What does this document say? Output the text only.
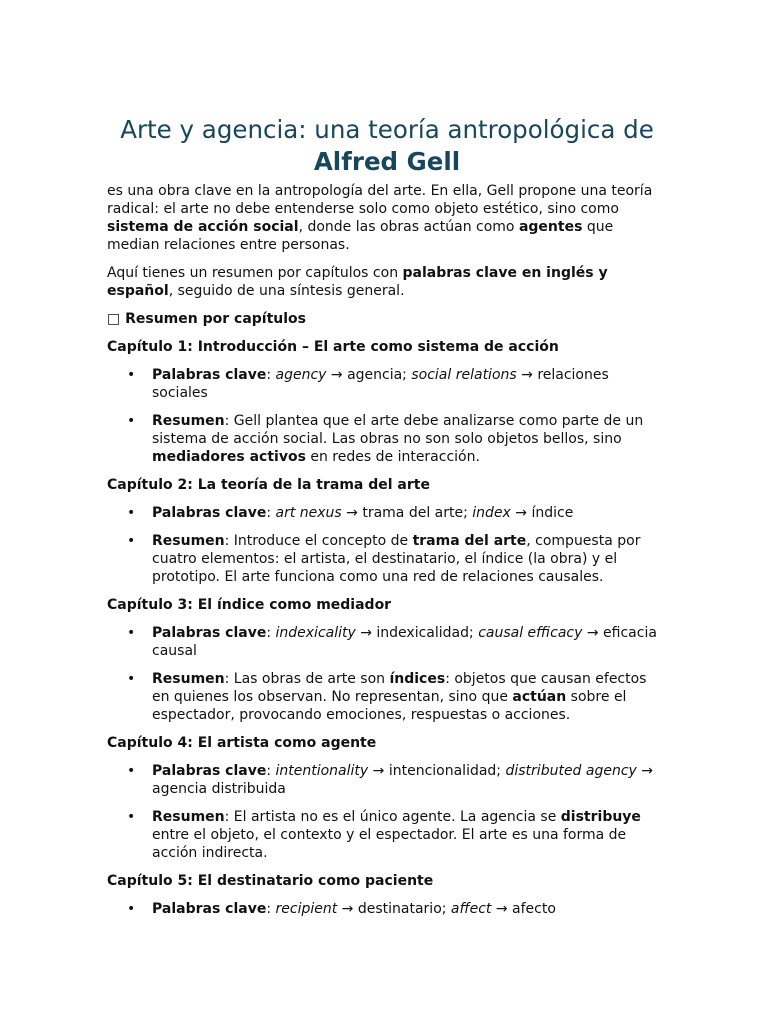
Arte y agencia: una teoría antropológica de
Alfred Gell

es una obra clave en la antropología del arte. En ella, Gell propone una teoría radical: el arte no debe entenderse solo como objeto estético, sino como sistema de acción social, donde las obras actúan como agentes que median relaciones entre personas.

Aquí tienes un resumen por capítulos con palabras clave en inglés y español, seguido de una síntesis general.

□ Resumen por capítulos
Capítulo 1: Introducción – El arte como sistema de acción
• Palabras clave: agency → agencia; social relations → relaciones sociales
• Resumen: Gell plantea que el arte debe analizarse como parte de un sistema de acción social. Las obras no son solo objetos bellos, sino mediadores activos en redes de interacción.
Capítulo 2: La teoría de la trama del arte
• Palabras clave: art nexus → trama del arte; index → índice
• Resumen: Introduce el concepto de trama del arte, compuesta por cuatro elementos: el artista, el destinatario, el índice (la obra) y el prototipo. El arte funciona como una red de relaciones causales.
Capítulo 3: El índice como mediador
• Palabras clave: indexicality → indexicalidad; causal efficacy → eficacia causal
• Resumen: Las obras de arte son índices: objetos que causan efectos en quienes los observan. No representan, sino que actúan sobre el espectador, provocando emociones, respuestas o acciones.
Capítulo 4: El artista como agente
• Palabras clave: intentionality → intencionalidad; distributed agency → agencia distribuida
• Resumen: El artista no es el único agente. La agencia se distribuye entre el objeto, el contexto y el espectador. El arte es una forma de acción indirecta.
Capítulo 5: El destinatario como paciente
• Palabras clave: recipient → destinatario; affect → afecto
